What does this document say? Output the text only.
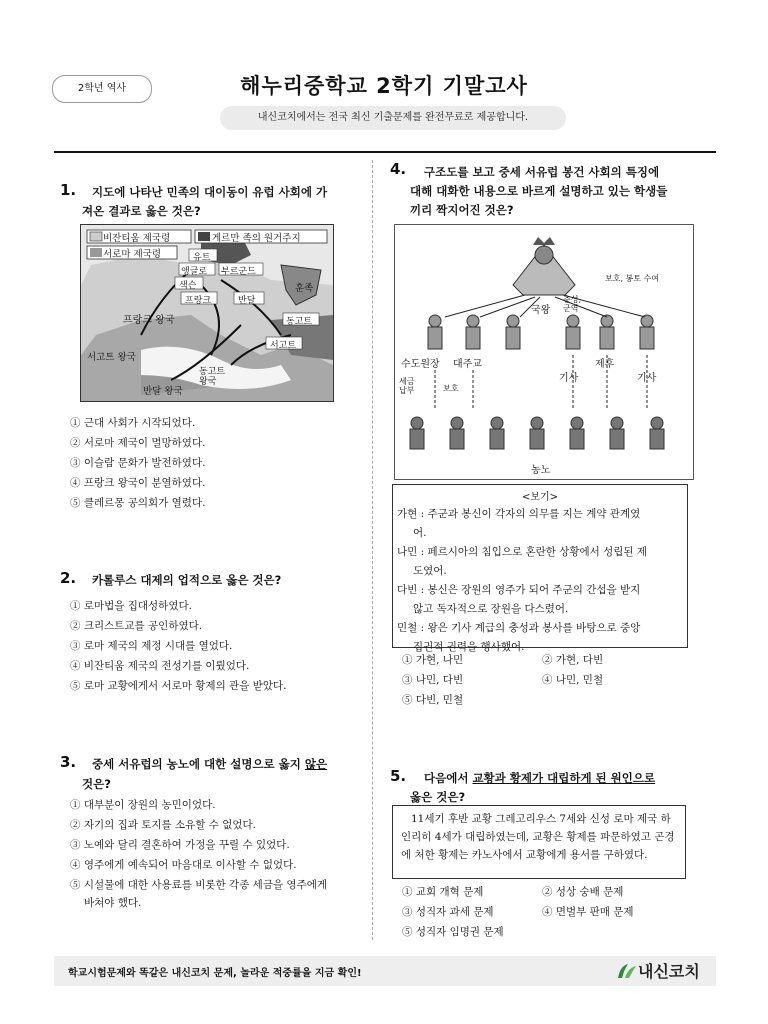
2학년 역사	해누리중학교 2학기 기말고사
내신코치에서는 전국 최신 기출문제를 완전무료로 제공합니다.
1. 지도에 나타난 민족의 대이동이 유럽 사회에 가
져온 결과로 옳은 것은?
비잔티움 제국령	게르만 족의 원거주지
서로마 제국령	유트
앵글로 부르군드
색슨
프랑크	반달
훈족
프랑크 왕국	동고트
서고트
서고트 왕국
동고트 왕국
반달 왕국
① 근대 사회가 시작되었다.
② 서로마 제국이 멸망하였다.
③ 이슬람 문화가 발전하였다.
④ 프랑크 왕국이 분열하였다.
⑤ 클레르몽 공의회가 열렸다.
2. 카롤루스 대제의 업적으로 옳은 것은?
① 로마법을 집대성하였다.
② 크리스트교를 공인하였다.
③ 로마 제국의 제정 시대를 열었다.
④ 비잔티움 제국의 전성기를 이뤘었다.
⑤ 로마 교황에게서 서로마 황제의 관을 받았다.
3. 중세 서유럽의 농노에 대한 설명으로 옳지 않은
것은?
① 대부분이 장원의 농민이었다.
② 자기의 집과 토지를 소유할 수 없었다.
③ 노예와 달리 결혼하여 가정을 꾸릴 수 있었다.
④ 영주에게 예속되어 마음대로 이사할 수 없었다.
⑤ 시설물에 대한 사용료를 비롯한 각종 세금을 영주에게
바쳐야 했다.
4. 구조도를 보고 중세 서유럽 봉건 사회의 특징에
대해 대화한 내용으로 바르게 설명하고 있는 학생들
끼리 짝지어진 것은?
국왕
보호, 봉토 수여
충성, 군역
수도원장 대주교
기사
제후
기사
세금 납부	보호
농노
<보기>
가현 : 주군과 봉신이 각자의 의무를 지는 계약 관계였
어.
나민 : 페르시아의 침입으로 혼란한 상황에서 성립된 제
도였어.
다빈 : 봉신은 장원의 영주가 되어 주군의 간섭을 받지
않고 독자적으로 장원을 다스렸어.
민철 : 왕은 기사 계급의 충성과 봉사를 바탕으로 중앙
집권적 권력을 행사했어.
① 가현, 나민	② 가현, 다빈
③ 나민, 다빈	④ 나민, 민철
⑤ 다빈, 민철
5. 다음에서 교황과 황제가 대립하게 된 원인으로
옳은 것은?
11세기 후반 교황 그레고리우스 7세와 신성 로마 제국 하인리히 4세가 대립하였는데, 교황은 황제를 파문하였고 곤경에 처한 황제는 카노사에서 교황에게 용서를 구하였다.
① 교회 개혁 문제	② 성상 숭배 문제
③ 성직자 과세 문제	④ 면벌부 판매 문제
⑤ 성직자 임명권 문제
학교시험문제와 똑같은 내신코치 문제, 놀라운 적중률을 지금 확인!	내신코치
